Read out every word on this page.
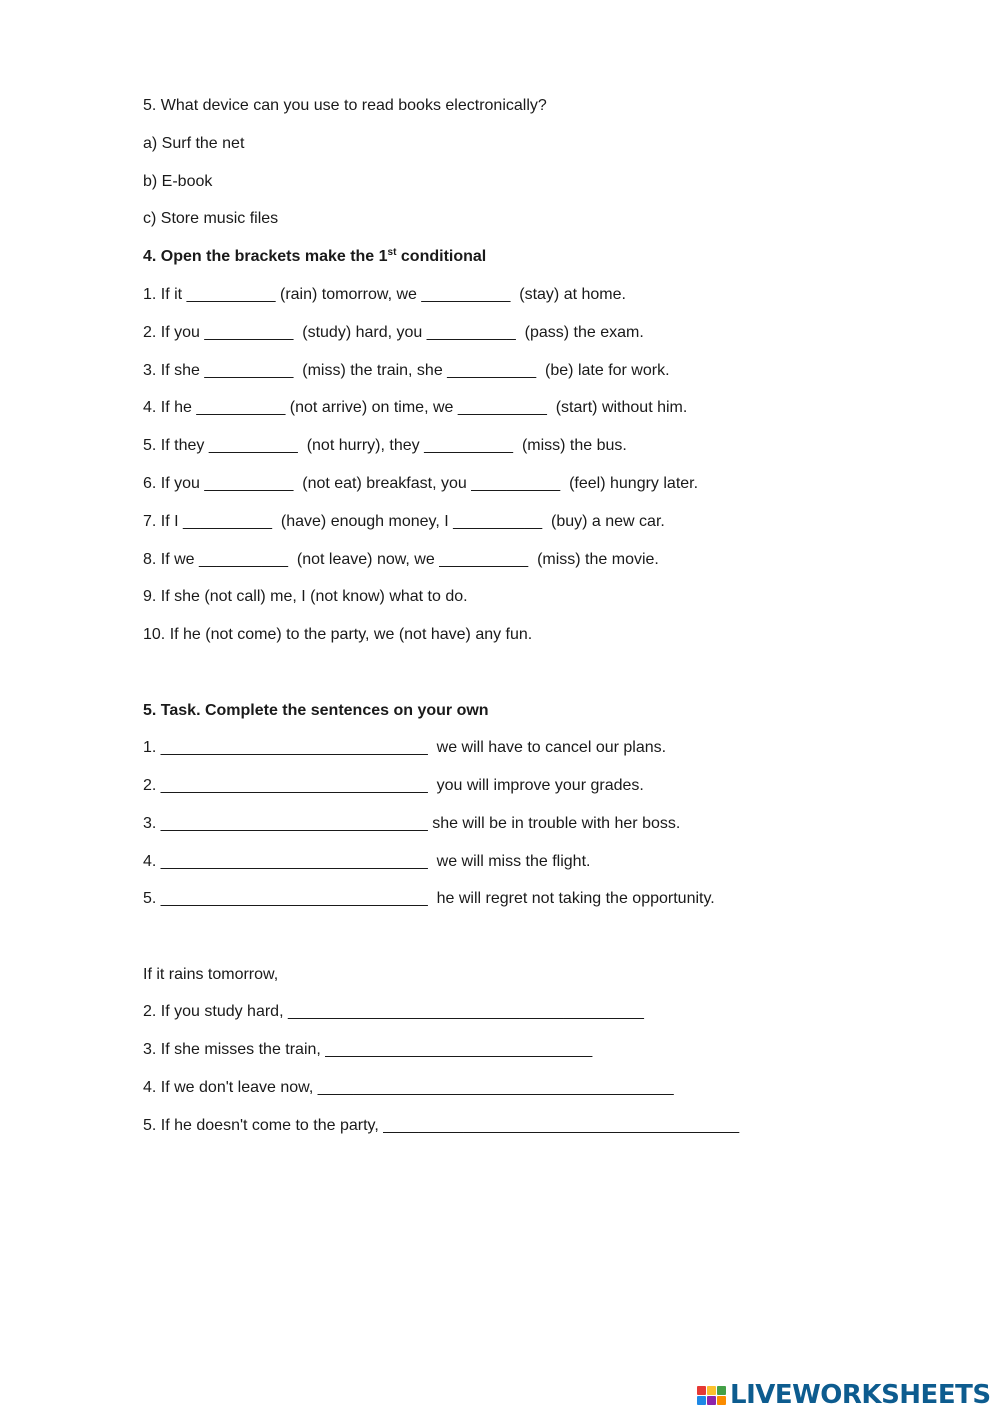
5. What device can you use to read books electronically?
a) Surf the net
b) E-book
c) Store music files
4. Open the brackets make the 1st conditional
1. If it __________ (rain) tomorrow, we __________  (stay) at home.
2. If you __________  (study) hard, you __________  (pass) the exam.
3. If she __________  (miss) the train, she __________  (be) late for work.
4. If he __________ (not arrive) on time, we __________  (start) without him.
5. If they __________  (not hurry), they __________  (miss) the bus.
6. If you __________  (not eat) breakfast, you __________  (feel) hungry later.
7. If I __________  (have) enough money, I __________  (buy) a new car.
8. If we __________  (not leave) now, we __________  (miss) the movie.
9. If she (not call) me, I (not know) what to do.
10. If he (not come) to the party, we (not have) any fun.
5. Task. Complete the sentences on your own
1. ______________________________  we will have to cancel our plans.
2. ______________________________  you will improve your grades.
3. ______________________________ she will be in trouble with her boss.
4. ______________________________  we will miss the flight.
5. ______________________________  he will regret not taking the opportunity.
If it rains tomorrow,
2. If you study hard, ________________________________________
3. If she misses the train, ______________________________
4. If we don't leave now, ________________________________________
5. If he doesn't come to the party, ________________________________________
LIVEWORKSHEETS
